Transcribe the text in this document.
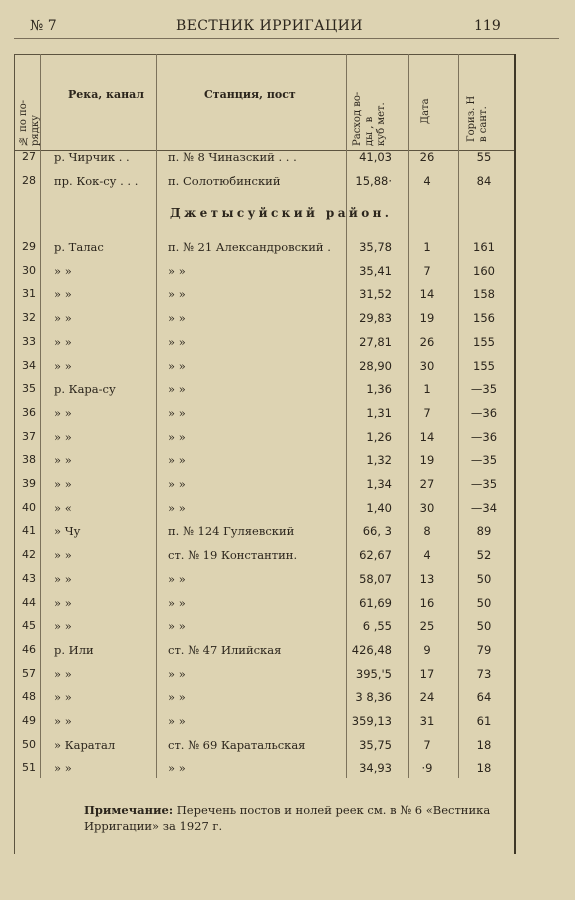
№ 7	ВЕСТНИК ИРРИГАЦИИ	119
№ по по-
рядку
Река, канал	Станция, пост
Расход во-
ды , в
куб мет.	Дата	Гориз. Н
в сант.
27	р. Чирчик . .	п. № 8 Чиназский . . .	41,03	26	55
28	пр. Кок-су . . .	п. Солотюбинский	15,88·	4	84
Джетысуйский район.
29	р. Талас	п. № 21 Александровский .	35,78	1	161
30	» »	» »	35,41	7	160
31	» »	» »	31,52	14	158
32	» »	» »	29,83	19	156
33	» »	» »	27,81	26	155
34	» »	» »	28,90	30	155
35	р. Кара-су	» »	1,36	1	—35
36	» »	» »	1,31	7	—36
37	» »	» »	1,26	14	—36
38	» »	» »	1,32	19	—35
39	» »	» »	1,34	27	—35
40	» «	» »	1,40	30	—34
41	» Чу	п. № 124 Гуляевский	66, 3	8	89
42	» »	ст. № 19 Константин.	62,67	4	52
43	» »	» »	58,07	13	50
44	» »	» »	61,69	16	50
45	» »	» »	6 ,55	25	50
46	р. Или	ст. № 47 Илийская	426,48	9	79
57	» »	» »	395,'5	17	73
48	» »	» »	3 8,36	24	64
49	» »	» »	359,13	31	61
50	» Каратал	ст. № 69 Каратальская	35,75	7	18
51	» »	» »	34,93	·9	18
Примечание: Перечень постов и нолей реек см. в № 6 «Вестника Ирригации» за 1927 г.
